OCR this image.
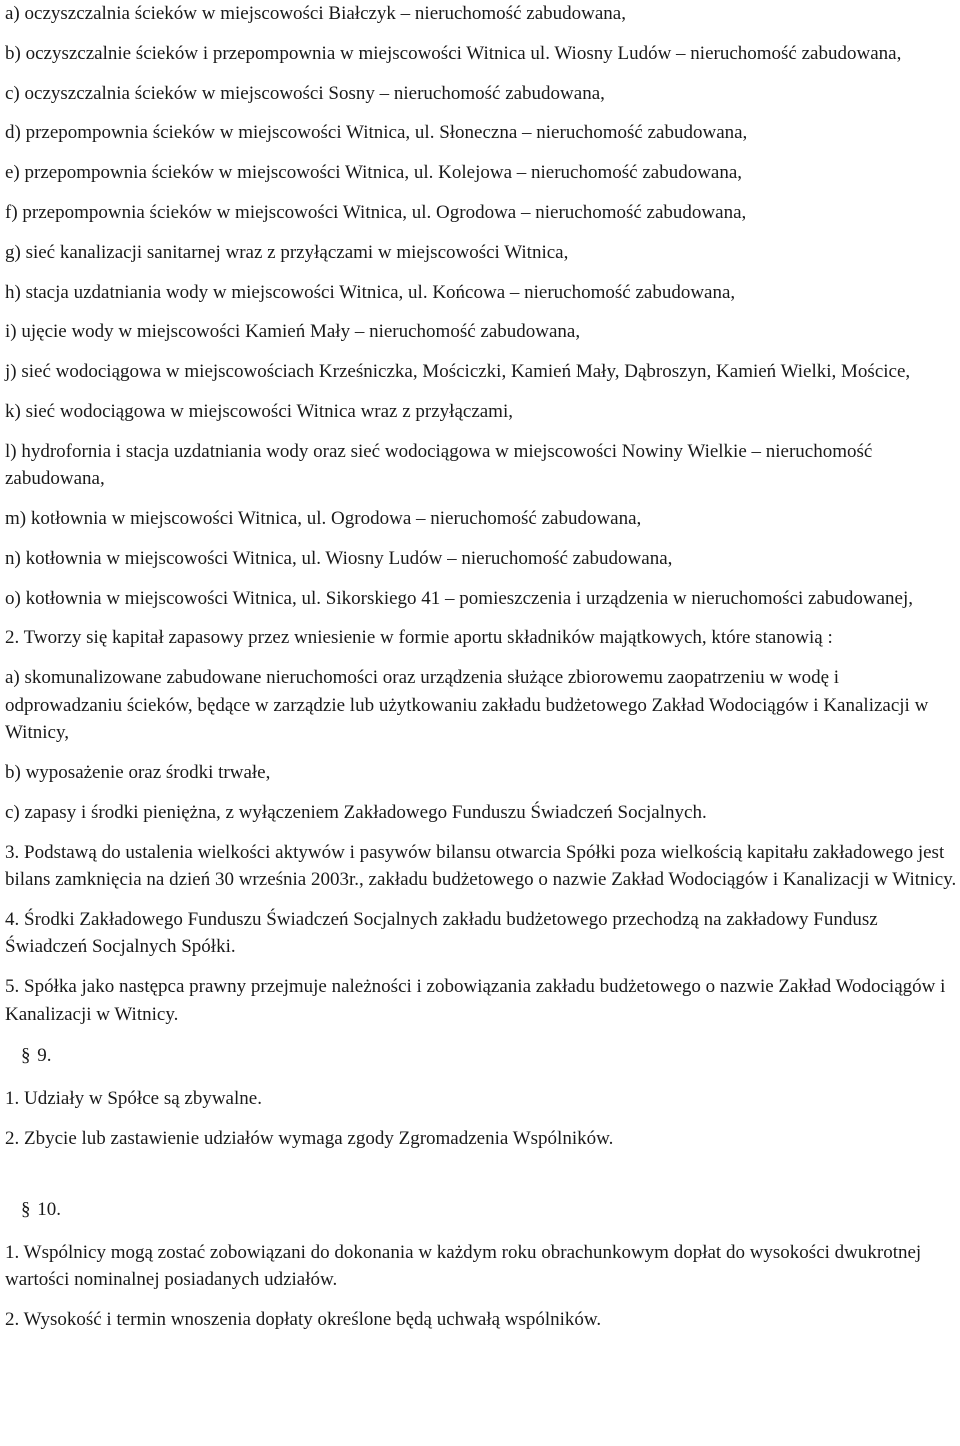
a) oczyszczalnia ścieków w miejscowości Białczyk – nieruchomość zabudowana,

b) oczyszczalnie ścieków i przepompownia w miejscowości Witnica ul. Wiosny Ludów – nieruchomość zabudowana,

c) oczyszczalnia ścieków w miejscowości Sosny – nieruchomość zabudowana,

d) przepompownia ścieków w miejscowości Witnica, ul. Słoneczna – nieruchomość zabudowana,

e) przepompownia ścieków w miejscowości Witnica, ul. Kolejowa – nieruchomość zabudowana,

f) przepompownia ścieków w miejscowości Witnica, ul. Ogrodowa – nieruchomość zabudowana,

g) sieć kanalizacji sanitarnej wraz z przyłączami w miejscowości Witnica,

h) stacja uzdatniania wody w miejscowości Witnica, ul. Końcowa – nieruchomość zabudowana,

i) ujęcie wody w miejscowości Kamień Mały – nieruchomość zabudowana,

j) sieć wodociągowa w miejscowościach Krześniczka, Mościczki, Kamień Mały, Dąbroszyn, Kamień Wielki, Mościce,

k) sieć wodociągowa w miejscowości Witnica wraz z przyłączami,

l) hydrofornia i stacja uzdatniania wody oraz sieć wodociągowa w miejscowości Nowiny Wielkie – nieruchomość zabudowana,

m) kotłownia w miejscowości Witnica, ul. Ogrodowa – nieruchomość zabudowana,

n) kotłownia w miejscowości Witnica, ul. Wiosny Ludów – nieruchomość zabudowana,

o) kotłownia w miejscowości Witnica, ul. Sikorskiego 41 – pomieszczenia i urządzenia w nieruchomości zabudowanej,

2. Tworzy się kapitał zapasowy przez wniesienie w formie aportu składników majątkowych, które stanowią :

a) skomunalizowane zabudowane nieruchomości oraz urządzenia służące zbiorowemu zaopatrzeniu w wodę i odprowadzaniu ścieków, będące w zarządzie lub użytkowaniu zakładu budżetowego Zakład Wodociągów i Kanalizacji w Witnicy,

b) wyposażenie oraz środki trwałe,

c) zapasy i środki pieniężna, z wyłączeniem Zakładowego Funduszu Świadczeń Socjalnych.

3. Podstawą do ustalenia wielkości aktywów i pasywów bilansu otwarcia Spółki poza wielkością kapitału zakładowego jest bilans zamknięcia na dzień 30 września 2003r., zakładu budżetowego o nazwie Zakład Wodociągów i Kanalizacji w Witnicy.

4. Środki Zakładowego Funduszu Świadczeń Socjalnych zakładu budżetowego przechodzą na zakładowy Fundusz Świadczeń Socjalnych Spółki.

5. Spółka jako następca prawny przejmuje należności i zobowiązania zakładu budżetowego o nazwie Zakład Wodociągów i Kanalizacji w Witnicy.

§ 9.

1. Udziały w Spółce są zbywalne.

2. Zbycie lub zastawienie udziałów wymaga zgody Zgromadzenia Wspólników.

§ 10.

1. Wspólnicy mogą zostać zobowiązani do dokonania w każdym roku obrachunkowym dopłat do wysokości dwukrotnej wartości nominalnej posiadanych udziałów.

2. Wysokość i termin wnoszenia dopłaty określone będą uchwałą wspólników.
